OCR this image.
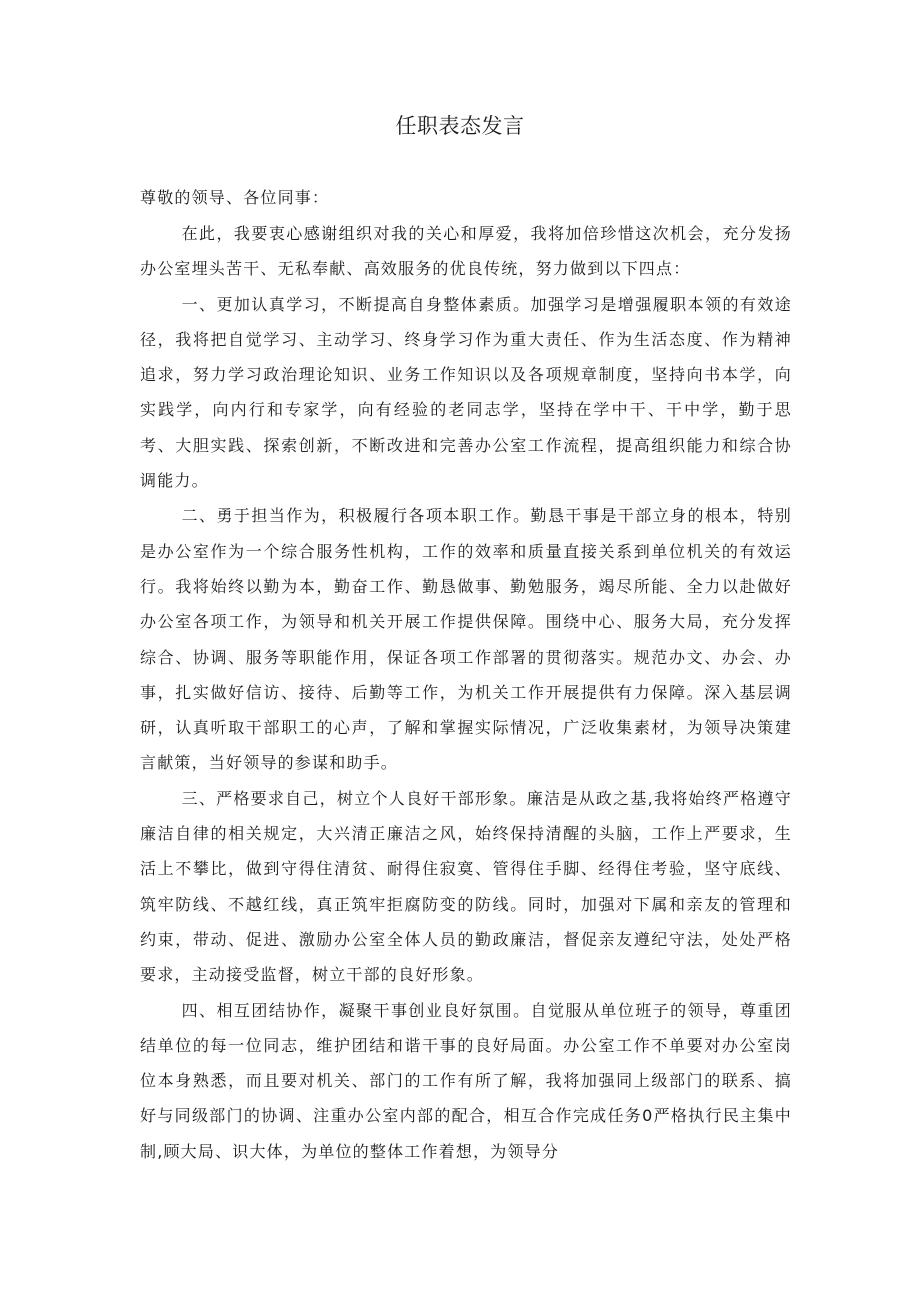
任职表态发言

尊敬的领导、各位同事：

在此，我要衷心感谢组织对我的关心和厚爱，我将加倍珍惜这次机会，充分发扬办公室埋头苦干、无私奉献、高效服务的优良传统，努力做到以下四点：

一、更加认真学习，不断提高自身整体素质。加强学习是增强履职本领的有效途径，我将把自觉学习、主动学习、终身学习作为重大责任、作为生活态度、作为精神追求，努力学习政治理论知识、业务工作知识以及各项规章制度，坚持向书本学，向实践学，向内行和专家学，向有经验的老同志学，坚持在学中干、干中学，勤于思考、大胆实践、探索创新，不断改进和完善办公室工作流程，提高组织能力和综合协调能力。

二、勇于担当作为，积极履行各项本职工作。勤恳干事是干部立身的根本，特别是办公室作为一个综合服务性机构，工作的效率和质量直接关系到单位机关的有效运行。我将始终以勤为本，勤奋工作、勤恳做事、勤勉服务，竭尽所能、全力以赴做好办公室各项工作，为领导和机关开展工作提供保障。围绕中心、服务大局，充分发挥综合、协调、服务等职能作用，保证各项工作部署的贯彻落实。规范办文、办会、办事，扎实做好信访、接待、后勤等工作，为机关工作开展提供有力保障。深入基层调研，认真听取干部职工的心声，了解和掌握实际情况，广泛收集素材，为领导决策建言献策，当好领导的参谋和助手。

三、严格要求自己，树立个人良好干部形象。廉洁是从政之基,我将始终严格遵守廉洁自律的相关规定，大兴清正廉洁之风，始终保持清醒的头脑，工作上严要求，生活上不攀比，做到守得住清贫、耐得住寂寞、管得住手脚、经得住考验，坚守底线、筑牢防线、不越红线，真正筑牢拒腐防变的防线。同时，加强对下属和亲友的管理和约束，带动、促进、激励办公室全体人员的勤政廉洁，督促亲友遵纪守法，处处严格要求，主动接受监督，树立干部的良好形象。

四、相互团结协作，凝聚干事创业良好氛围。自觉服从单位班子的领导，尊重团结单位的每一位同志，维护团结和谐干事的良好局面。办公室工作不单要对办公室岗位本身熟悉，而且要对机关、部门的工作有所了解，我将加强同上级部门的联系、搞好与同级部门的协调、注重办公室内部的配合，相互合作完成任务0严格执行民主集中制,顾大局、识大体，为单位的整体工作着想，为领导分
